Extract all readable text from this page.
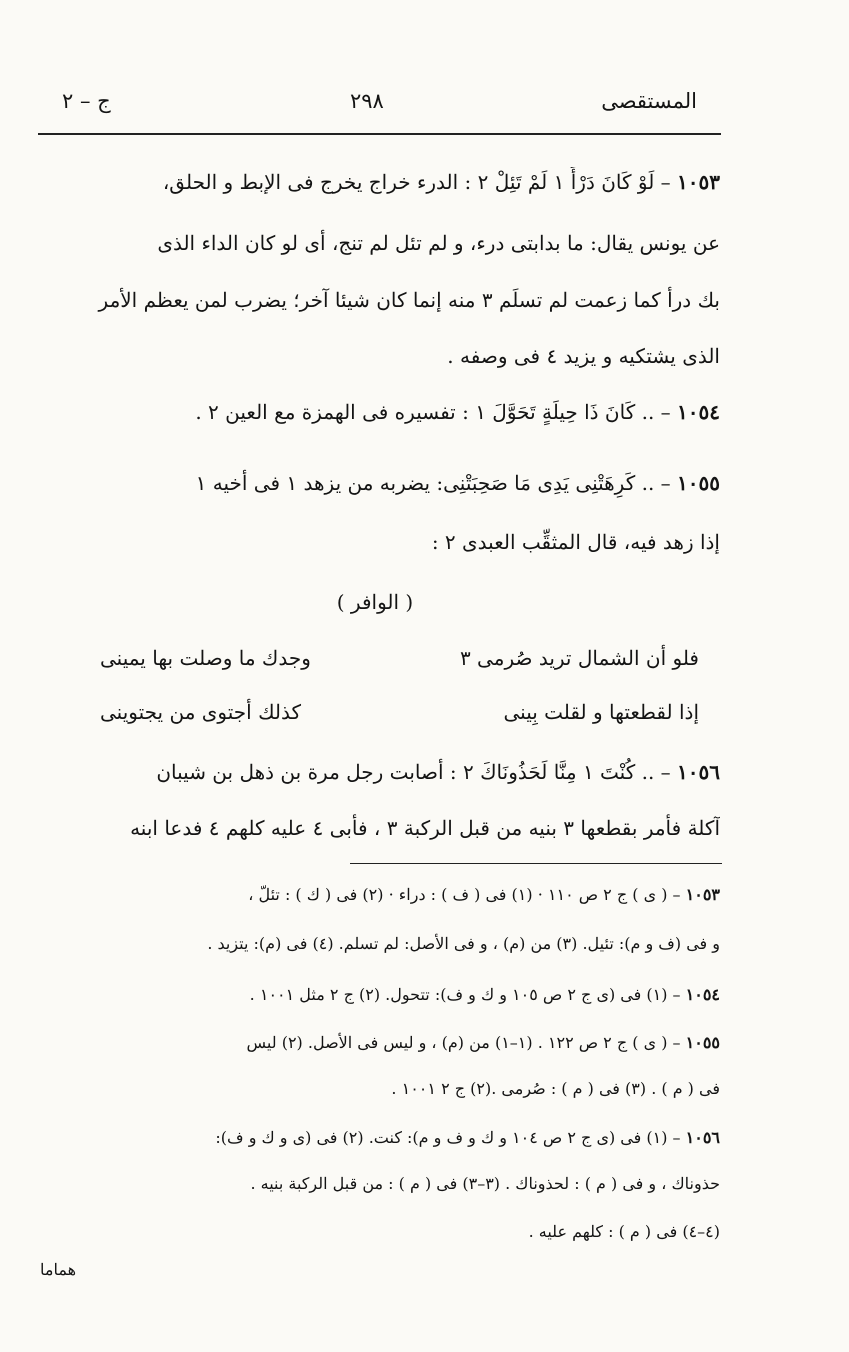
المستقصى
٢٩٨
ج – ٢
١٠٥٣ – لَوْ كَانَ دَرْأً ١ لَمْ تَئِلْ ٢ : الدرء خراج يخرج فى الإبط و الحلق،
عن يونس يقال: ما بدابتى درء، و لم تئل لم تنج، أى لو كان الداء الذى
بك درأ كما زعمت لم تسلَم ٣ منه إنما كان شيئا آخر؛ يضرب لمن يعظم الأمر
الذى يشتكيه و يزيد ٤ فى وصفه .
١٠٥٤ – .. كَانَ ذَا حِيلَةٍ تَحَوَّلَ ١ : تفسيره فى الهمزة مع العين ٢ .
١٠٥٥ – .. كَرِهَتْنِى يَدِى مَا صَحِبَتْنِى: يضربه من يزهد ١ فى أخيه ١
إذا زهد فيه، قال المثقِّب العبدى ٢ :
( الوافر )
فلو أن الشمال تريد صُرمى ٣
وجدك ما وصلت بها يمينى
إذا لقطعتها و لقلت بِينى
كذلك أجتوى من يجتوينى
١٠٥٦ – .. كُنْتَ ١ مِنَّا لَحَذُونَاكَ ٢ : أصابت رجل مرة بن ذهل بن شيبان
آكلة فأمر بقطعها ٣ بنيه من قبل الركبة ٣ ، فأبى ٤ عليه كلهم ٤ فدعا ابنه
١٠٥٣ – ( ى ) ج ٢ ص ١١٠ · (١) فى ( ف ) : دراء · (٢) فى ( ك ) : تئلّ ،
و فى (ف و م): تئيل. (٣) من (م) ، و فى الأصل: لم تسلم. (٤) فى (م): يتزيد .
١٠٥٤ – (١) فى (ى ج ٢ ص ١٠٥ و ك و ف): تتحول. (٢) ج ٢ مثل ١٠٠١ .
١٠٥٥ – ( ى ) ج ٢ ص ١٢٢ . (١–١) من (م) ، و ليس فى الأصل. (٢) ليس
فى ( م ) . (٣) فى ( م ) : صُرمى .(٢) ج ٢ ١٠٠١ .
١٠٥٦ – (١) فى (ى ج ٢ ص ١٠٤ و ك و ف و م): كنت. (٢) فى (ى و ك و ف):
حذوناك ، و فى ( م ) : لحذوناك . (٣–٣) فى ( م ) : من قبل الركبة بنيه .
(٤–٤) فى ( م ) : كلهم عليه .
هماما
